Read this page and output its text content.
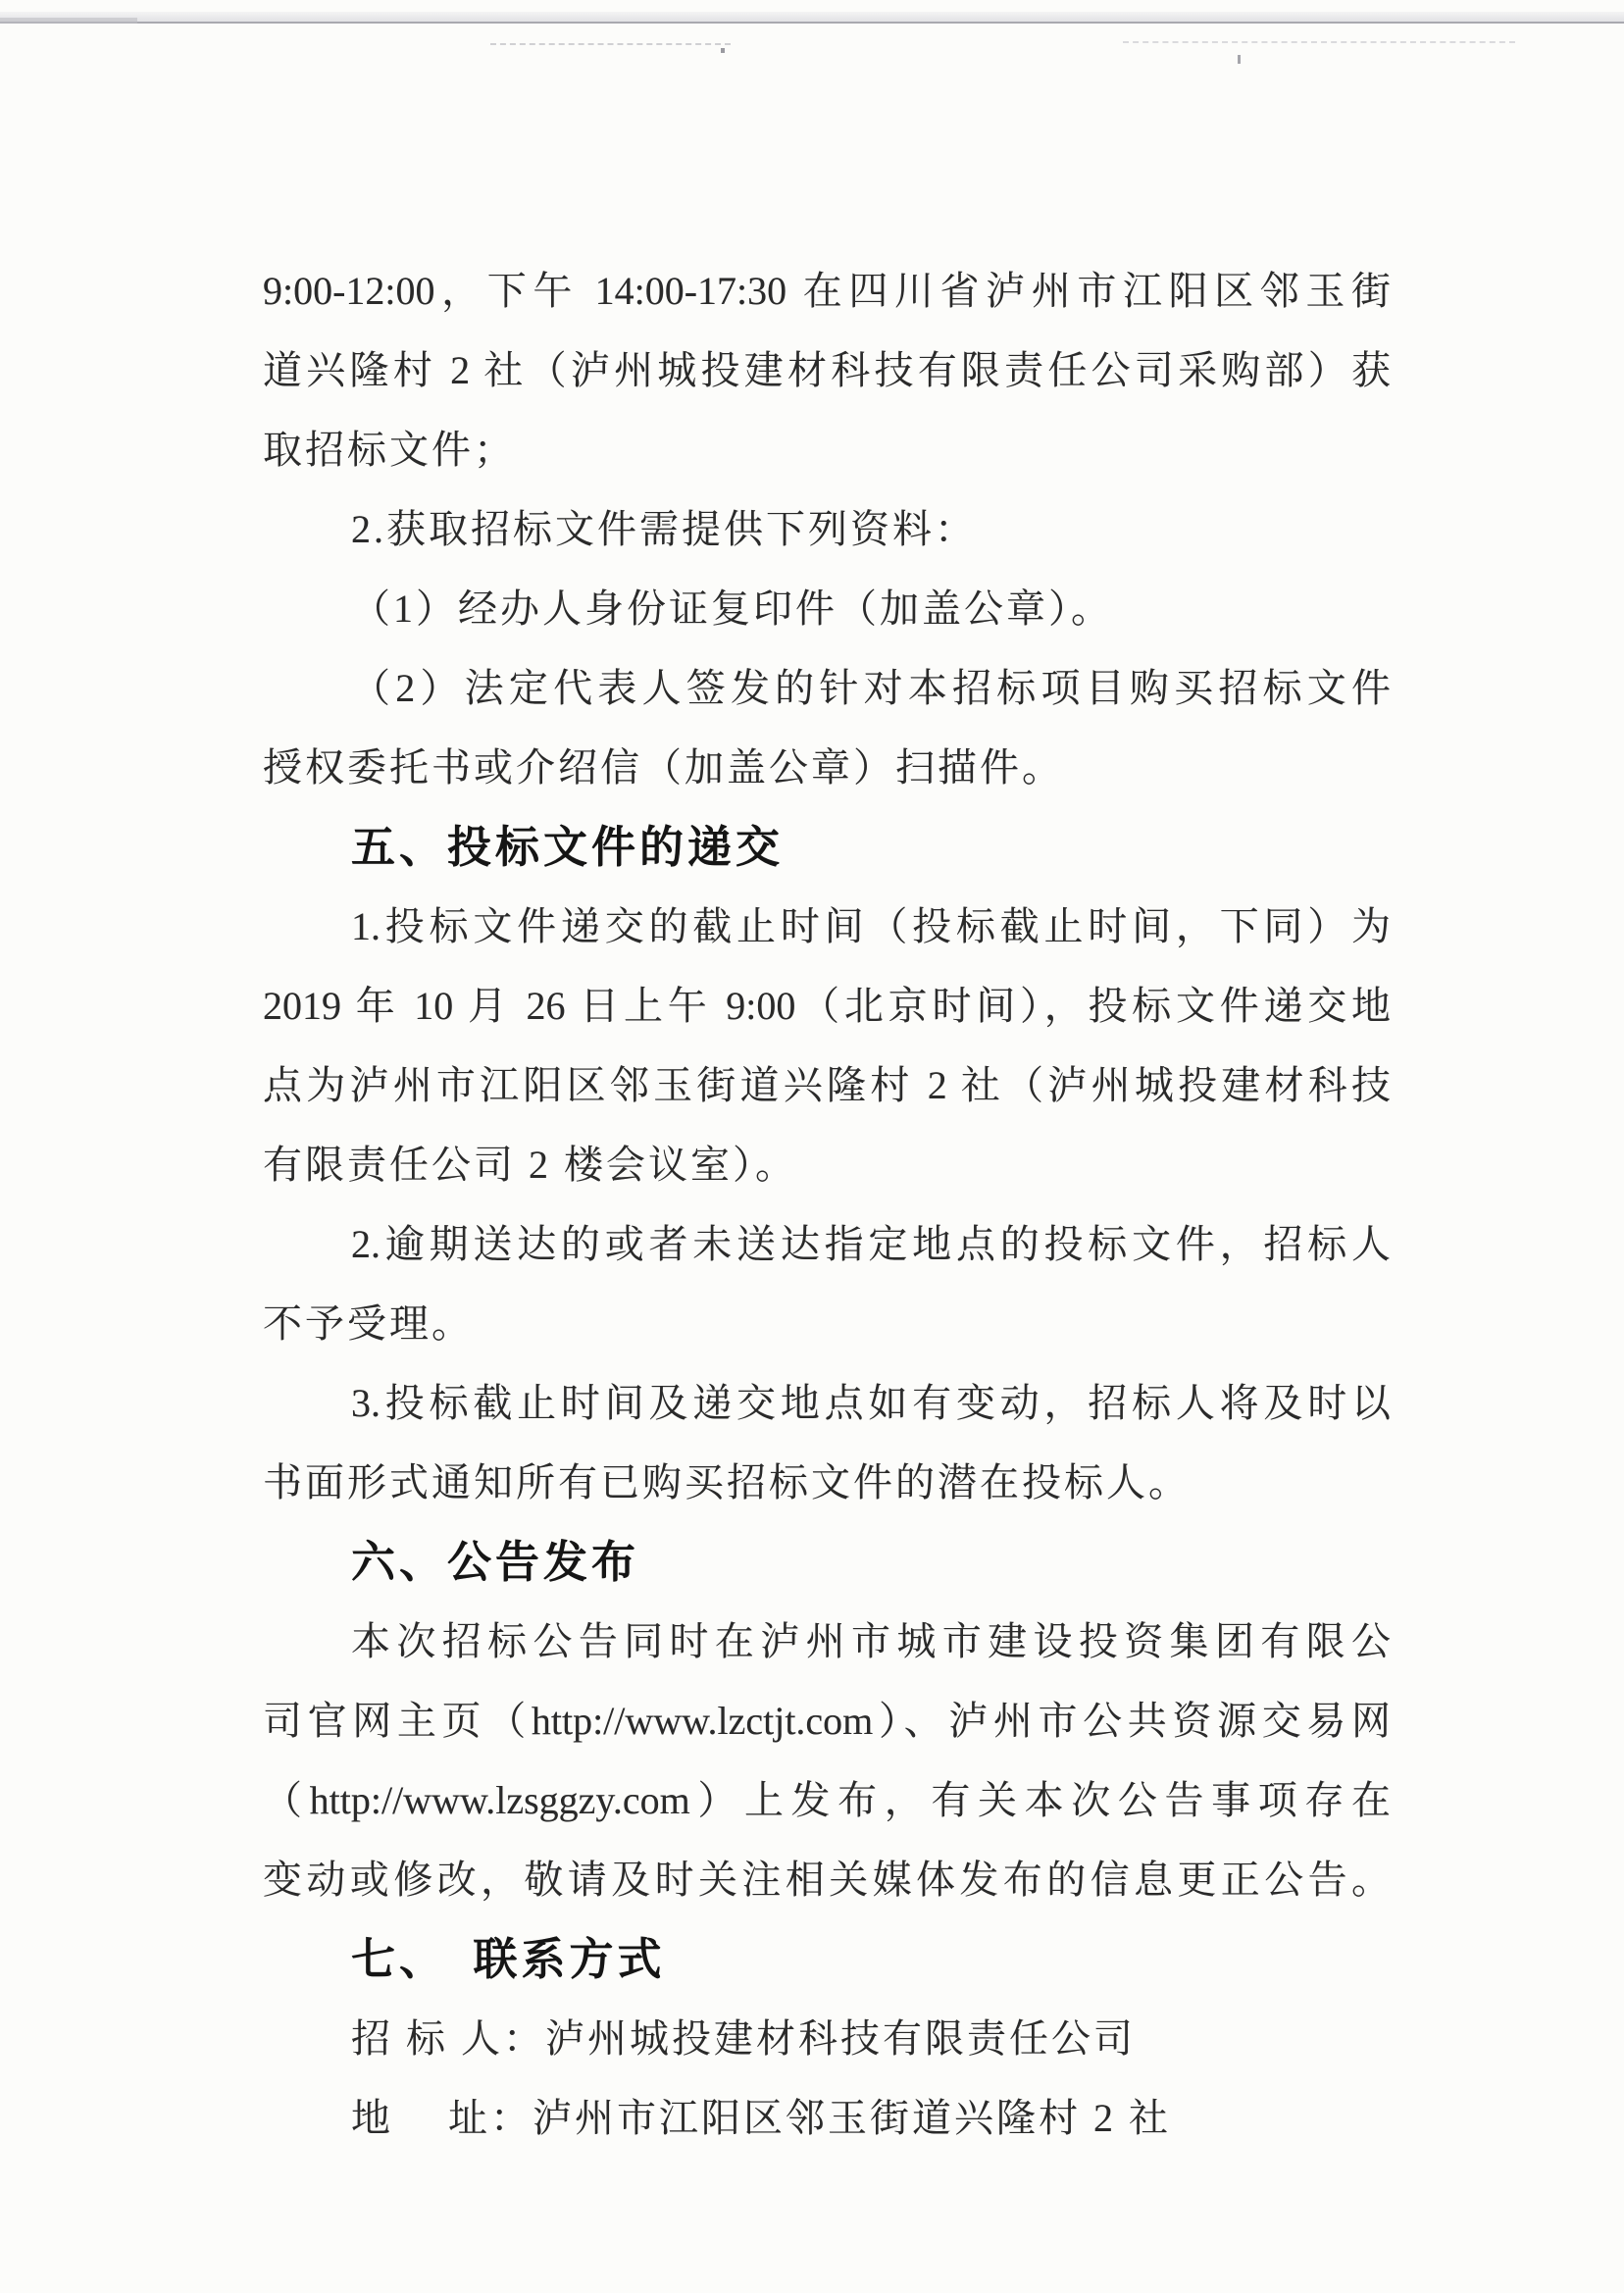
9:00-12:00，下午 14:00-17:30 在四川省泸州市江阳区邻玉街

道兴隆村 2 社（泸州城投建材科技有限责任公司采购部）获

取招标文件；

2.获取招标文件需提供下列资料：

（1）经办人身份证复印件（加盖公章）。

（2）法定代表人签发的针对本招标项目购买招标文件

授权委托书或介绍信（加盖公章）扫描件。

五、投标文件的递交

1.投标文件递交的截止时间（投标截止时间，下同）为

2019 年 10 月 26 日上午 9:00（北京时间），投标文件递交地

点为泸州市江阳区邻玉街道兴隆村 2 社（泸州城投建材科技

有限责任公司 2 楼会议室）。

2.逾期送达的或者未送达指定地点的投标文件，招标人

不予受理。

3.投标截止时间及递交地点如有变动，招标人将及时以

书面形式通知所有已购买招标文件的潜在投标人。

六、公告发布

本次招标公告同时在泸州市城市建设投资集团有限公

司官网主页（http://www.lzctjt.com）、泸州市公共资源交易网

（http://www.lzsggzy.com）上发布，有关本次公告事项存在

变动或修改，敬请及时关注相关媒体发布的信息更正公告。

七、　联系方式

招 标 人：泸州城投建材科技有限责任公司

地　 址：泸州市江阳区邻玉街道兴隆村 2 社
